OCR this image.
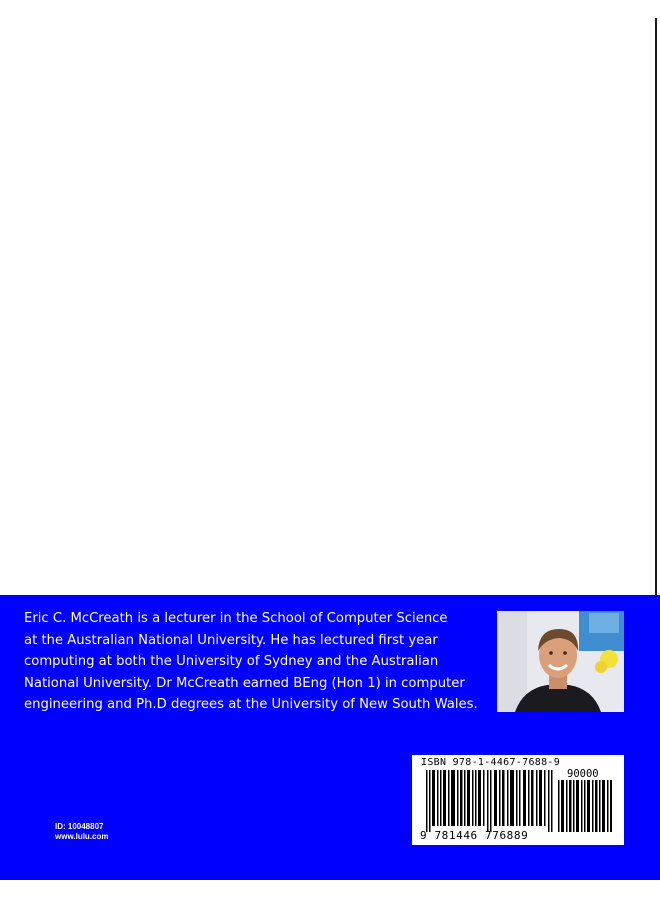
Eric C. McCreath is a lecturer in the School of Computer Science
at the Australian National University. He has lectured first year
computing at both the University of Sydney and the Australian
National University. Dr McCreath earned BEng (Hon 1) in computer
engineering and Ph.D degrees at the University of New South Wales.

ISBN 978-1-4467-7688-9
90000
9 781446 776889
ID: 10048807
www.lulu.com
